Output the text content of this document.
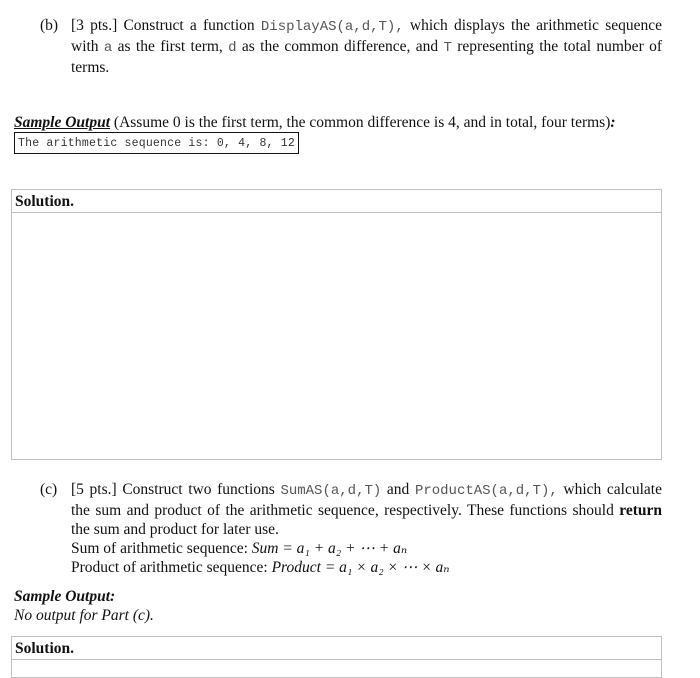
(b) [3 pts.] Construct a function DisplayAS(a,d,T), which displays the arithmetic sequence with a as the first term, d as the common difference, and T representing the total number of terms.
Sample Output (Assume 0 is the first term, the common difference is 4, and in total, four terms):
The arithmetic sequence is: 0, 4, 8, 12
Solution.
(c) [5 pts.] Construct two functions SumAS(a,d,T) and ProductAS(a,d,T), which calculate the sum and product of the arithmetic sequence, respectively. These functions should return the sum and product for later use.
Sum of arithmetic sequence: Sum = a₁ + a₂ + ⋯ + aₙ
Product of arithmetic sequence: Product = a₁ × a₂ × ⋯ × aₙ
Sample Output:
No output for Part (c).
Solution.
